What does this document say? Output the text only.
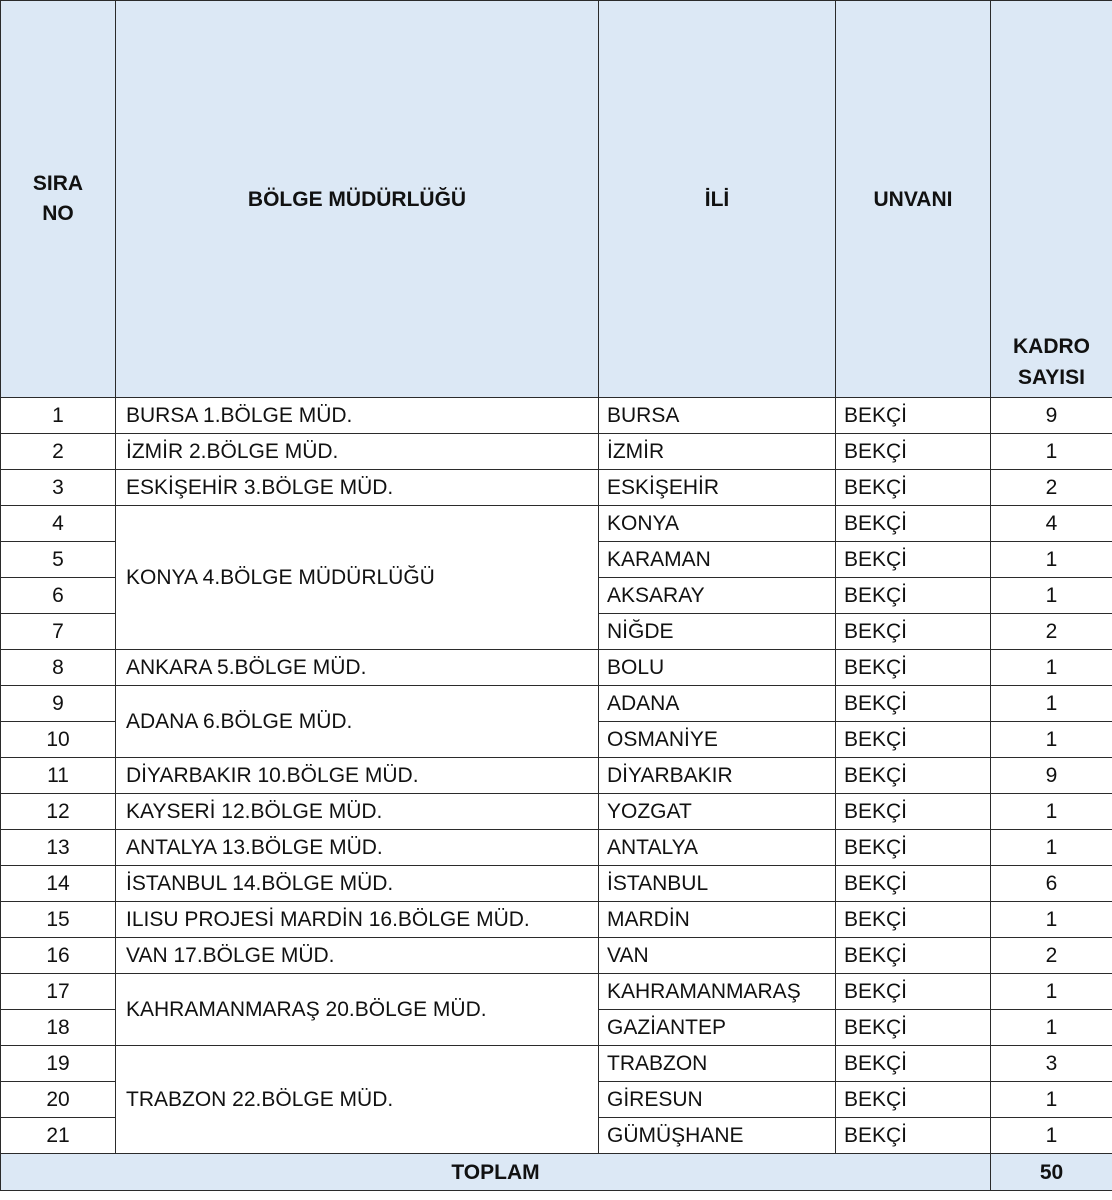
SIRA
NO	BÖLGE MÜDÜRLÜĞÜ	İLİ	UNVANI	KADRO
SAYISI
1	BURSA 1.BÖLGE MÜD.	BURSA	BEKÇİ	9
2	İZMİR 2.BÖLGE MÜD.	İZMİR	BEKÇİ	1
3	ESKİŞEHİR 3.BÖLGE MÜD.	ESKİŞEHİR	BEKÇİ	2
4	KONYA 4.BÖLGE MÜDÜRLÜĞÜ	KONYA	BEKÇİ	4
5		KARAMAN	BEKÇİ	1
6		AKSARAY	BEKÇİ	1
7		NİĞDE	BEKÇİ	2
8	ANKARA 5.BÖLGE MÜD.	BOLU	BEKÇİ	1
9	ADANA 6.BÖLGE MÜD.	ADANA	BEKÇİ	1
10		OSMANİYE	BEKÇİ	1
11	DİYARBAKIR 10.BÖLGE MÜD.	DİYARBAKIR	BEKÇİ	9
12	KAYSERİ 12.BÖLGE MÜD.	YOZGAT	BEKÇİ	1
13	ANTALYA 13.BÖLGE MÜD.	ANTALYA	BEKÇİ	1
14	İSTANBUL 14.BÖLGE MÜD.	İSTANBUL	BEKÇİ	6
15	ILISU PROJESİ MARDİN 16.BÖLGE MÜD.	MARDİN	BEKÇİ	1
16	VAN 17.BÖLGE MÜD.	VAN	BEKÇİ	2
17	KAHRAMANMARAŞ 20.BÖLGE MÜD.	KAHRAMANMARAŞ	BEKÇİ	1
18		GAZİANTEP	BEKÇİ	1
19	TRABZON 22.BÖLGE MÜD.	TRABZON	BEKÇİ	3
20		GİRESUN	BEKÇİ	1
21		GÜMÜŞHANE	BEKÇİ	1
TOPLAM				50
